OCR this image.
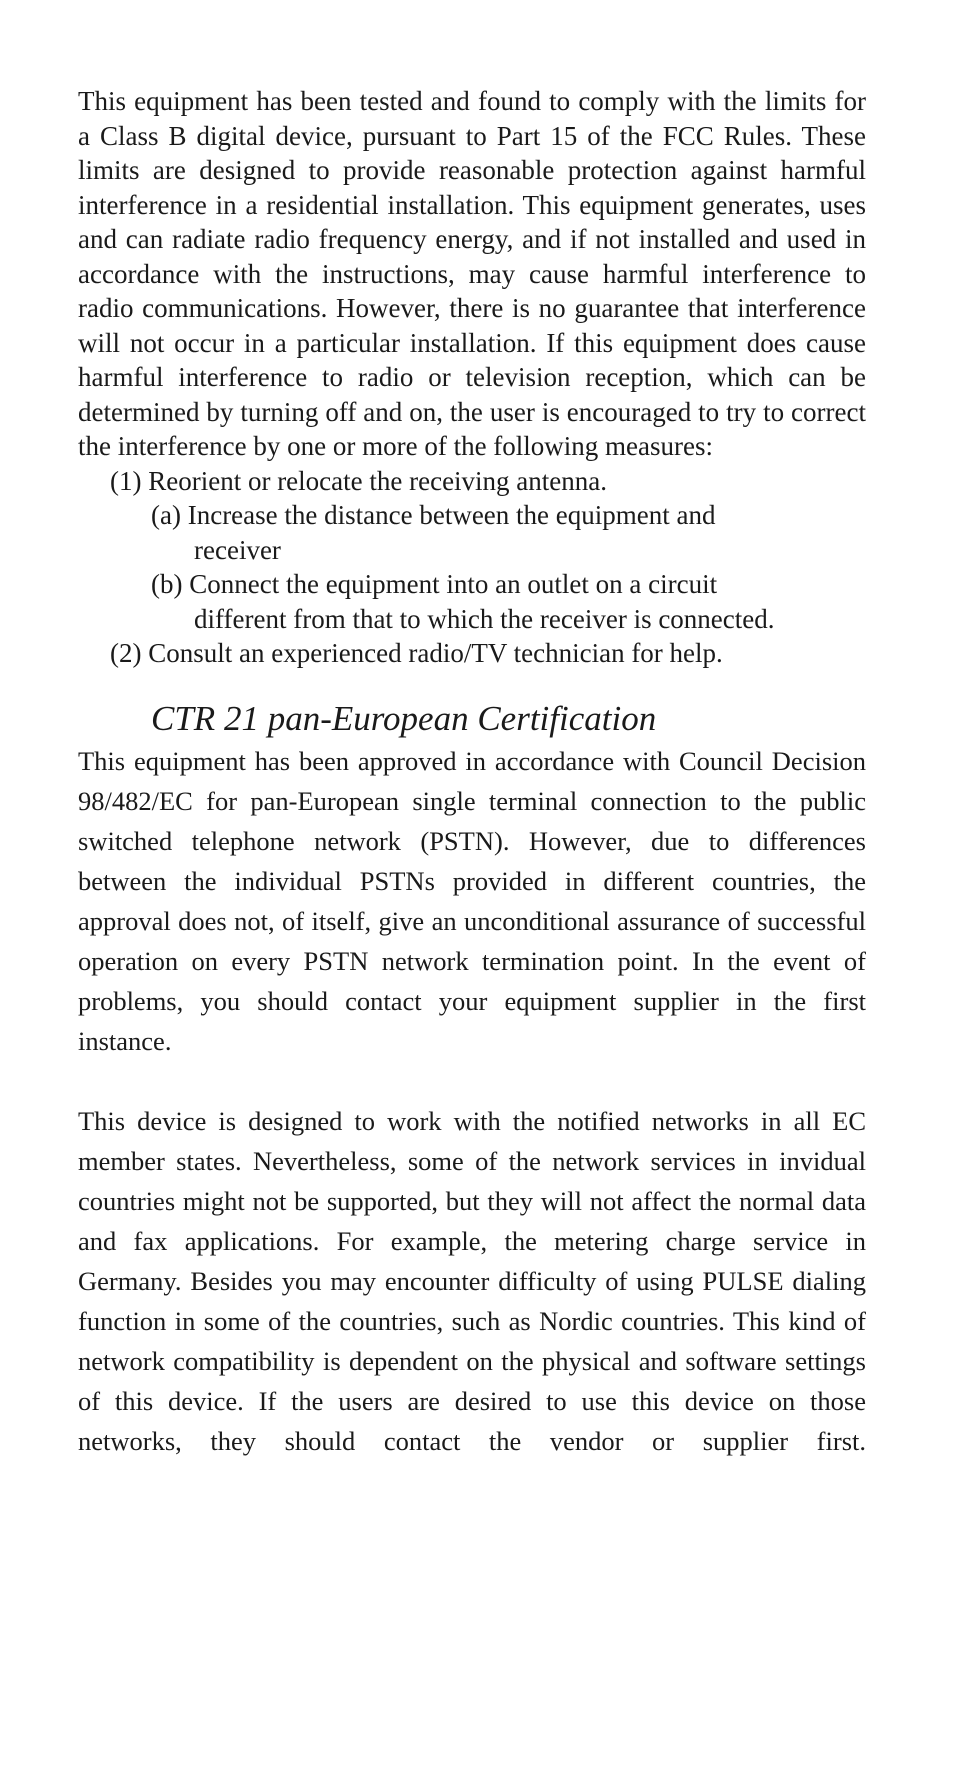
This equipment has been tested and found to comply with the limits for a Class B digital device, pursuant to Part 15 of the FCC Rules. These limits are designed to provide reasonable protection against harmful interference in a residential installation. This equipment generates, uses and can radiate radio frequency energy, and if not installed and used in accordance with the instructions, may cause harmful interference to radio communications. However, there is no guarantee that interference will not occur in a particular installation. If this equipment does cause harmful interference to radio or television reception, which can be determined by turning off and on, the user is encouraged to try to correct the interference by one or more of the following measures:

(1) Reorient or relocate the receiving antenna.
(a) Increase the distance between the equipment and
receiver
(b) Connect the equipment into an outlet on a circuit
different from that to which the receiver is connected.
(2) Consult an experienced radio/TV technician for help.
CTR 21 pan-European Certification

This equipment has been approved in accordance with Council Decision 98/482/EC for pan-European single terminal connection to the public switched telephone network (PSTN). However, due to differences between the individual PSTNs provided in different countries, the approval does not, of itself, give an unconditional assurance of successful operation on every PSTN network termination point. In the event of problems, you should contact your equipment supplier in the first instance.

This device is designed to work with the notified networks in all EC member states. Nevertheless, some of the network services in invidual countries might not be supported, but they will not affect the normal data and fax applications. For example, the metering charge service in Germany. Besides you may encounter difficulty of using PULSE dialing function in some of the countries, such as Nordic countries. This kind of network compatibility is dependent on the physical and software settings of this device. If the users are desired to use this device on those networks, they should contact the vendor or supplier first.
